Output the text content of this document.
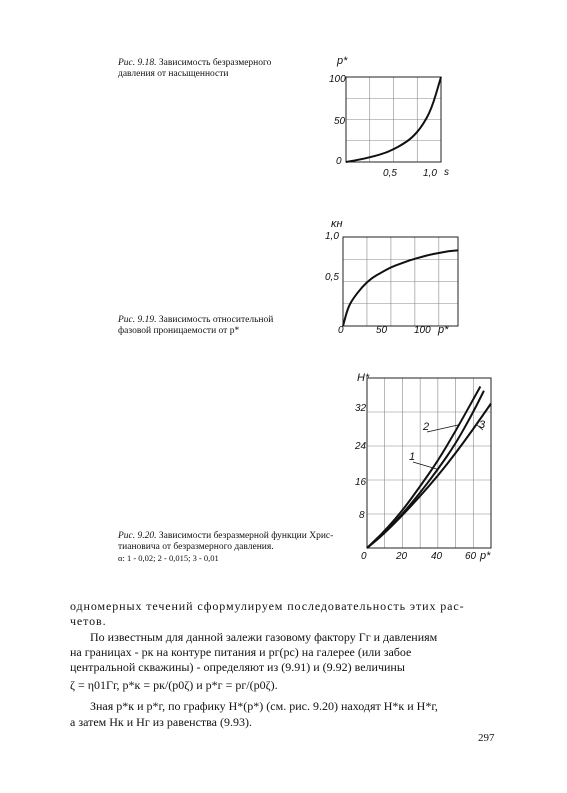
Рис. 9.18. Зависимость безразмерного
давления от насыщенности
p*
100
50
0
0,5	1,0 s
κн
1,0
0,5
0	50	100 p*
Рис. 9.19. Зависимость относительной
фазовой проницаемости от p*
H*
1
2	3
32
24
16
8
0	20 40 60 p*
Рис. 9.20. Зависимости безразмерной функции Хрис-
тиановича от безразмерного давления.
α: 1 - 0,02; 2 - 0,015; 3 - 0,01
одномерных течений сформулируем последовательность этих рас-
четов.
По известным для данной залежи газовому фактору Γг и давлениям
на границах - pк на контуре питания и pг(pс) на галерее (или забое
центральной скважины) - определяют из (9.91) и (9.92) величины
ζ = η01Γг, p*к = pк/(p0ζ) и p*г = pг/(p0ζ).
Зная p*к и p*г, по графику H*(p*) (см. рис. 9.20) находят H*к и H*г,
а затем Hк и Hг из равенства (9.93).
297
